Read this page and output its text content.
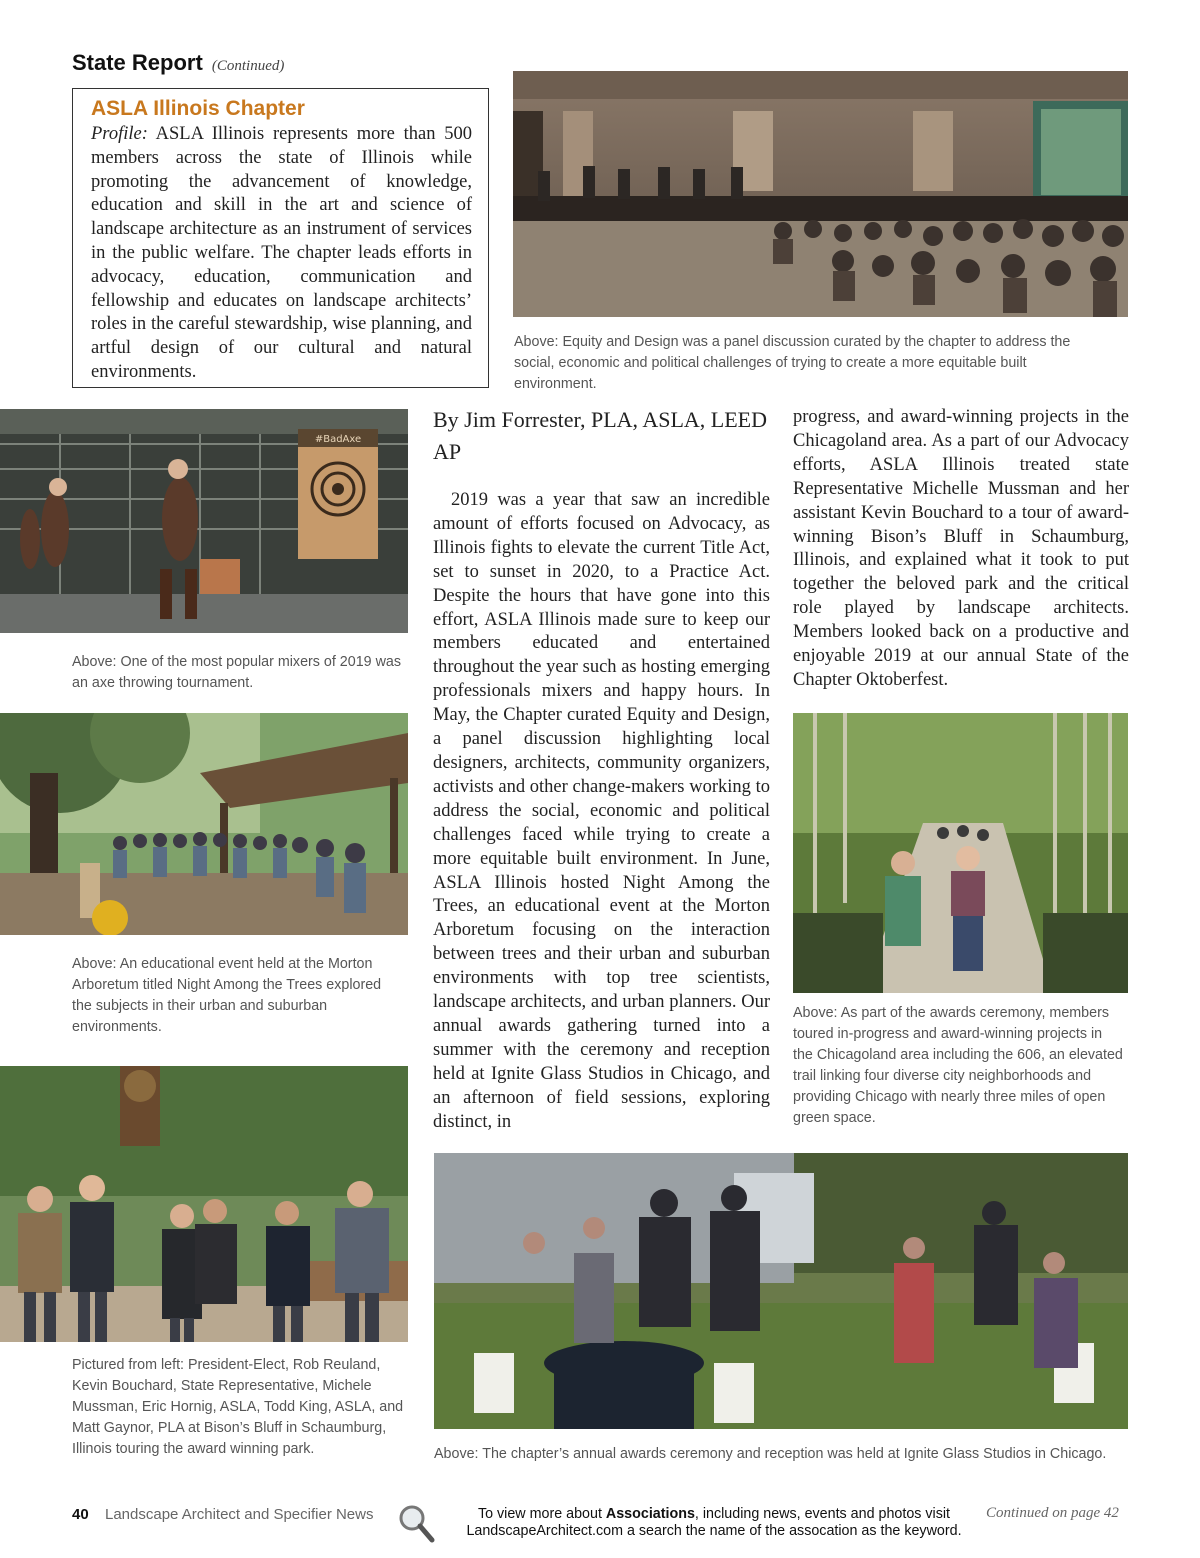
State Report (Continued)
ASLA Illinois Chapter
Profile: ASLA Illinois represents more than 500 members across the state of Illinois while promoting the advancement of knowledge, education and skill in the art and science of landscape architecture as an instrument of services in the public welfare. The chapter leads efforts in advocacy, education, communication and fellowship and educates on landscape architects’ roles in the careful stewardship, wise planning, and artful design of our cultural and natural environments.
Above: Equity and Design was a panel discussion curated by the chapter to address the social, economic and political challenges of trying to create a more equitable built environment.
#BadAxe
Above: One of the most popular mixers of 2019 was an axe throwing tournament.
Above: An educational event held at the Morton Arboretum titled Night Among the Trees explored the subjects in their urban and suburban environments.
Pictured from left: President-Elect, Rob Reuland, Kevin Bouchard, State Representative, Michele Mussman, Eric Hornig, ASLA, Todd King, ASLA, and Matt Gaynor, PLA at Bison’s Bluff in Schaumburg, Illinois touring the award winning park.
By Jim Forrester, PLA, ASLA, LEED AP
2019 was a year that saw an incredible amount of efforts focused on Advocacy, as Illinois fights to elevate the current Title Act, set to sunset in 2020, to a Practice Act. Despite the hours that have gone into this effort, ASLA Illinois made sure to keep our members educated and entertained throughout the year such as hosting emerging professionals mixers and happy hours. In May, the Chapter curated Equity and Design, a panel discussion highlighting local designers, architects, community organizers, activists and other change-makers working to address the social, economic and political challenges faced while trying to create a more equitable built environment. In June, ASLA Illinois hosted Night Among the Trees, an educational event at the Morton Arboretum focusing on the interaction between trees and their urban and suburban environments with top tree scientists, landscape architects, and urban planners. Our annual awards gathering turned into a summer with the ceremony and reception held at Ignite Glass Studios in Chicago, and an afternoon of field sessions, exploring distinct, in
progress, and award-winning projects in the Chicagoland area. As a part of our Advocacy efforts, ASLA Illinois treated state Representative Michelle Mussman and her assistant Kevin Bouchard to a tour of award-winning Bison’s Bluff in Schaumburg, Illinois, and explained what it took to put together the beloved park and the critical role played by landscape architects. Members looked back on a productive and enjoyable 2019 at our annual State of the Chapter Oktoberfest.
Above: As part of the awards ceremony, members toured in-progress and award-winning projects in the Chicagoland area including the 606, an elevated trail linking four diverse city neighborhoods and providing Chicago with nearly three miles of open green space.
Above: The chapter’s annual awards ceremony and reception was held at Ignite Glass Studios in Chicago.
40 Landscape Architect and Specifier News	To view more about Associations, including news, events and photos visit LandscapeArchitect.com a search the name of the assocation as the keyword.
Continued on page 42
